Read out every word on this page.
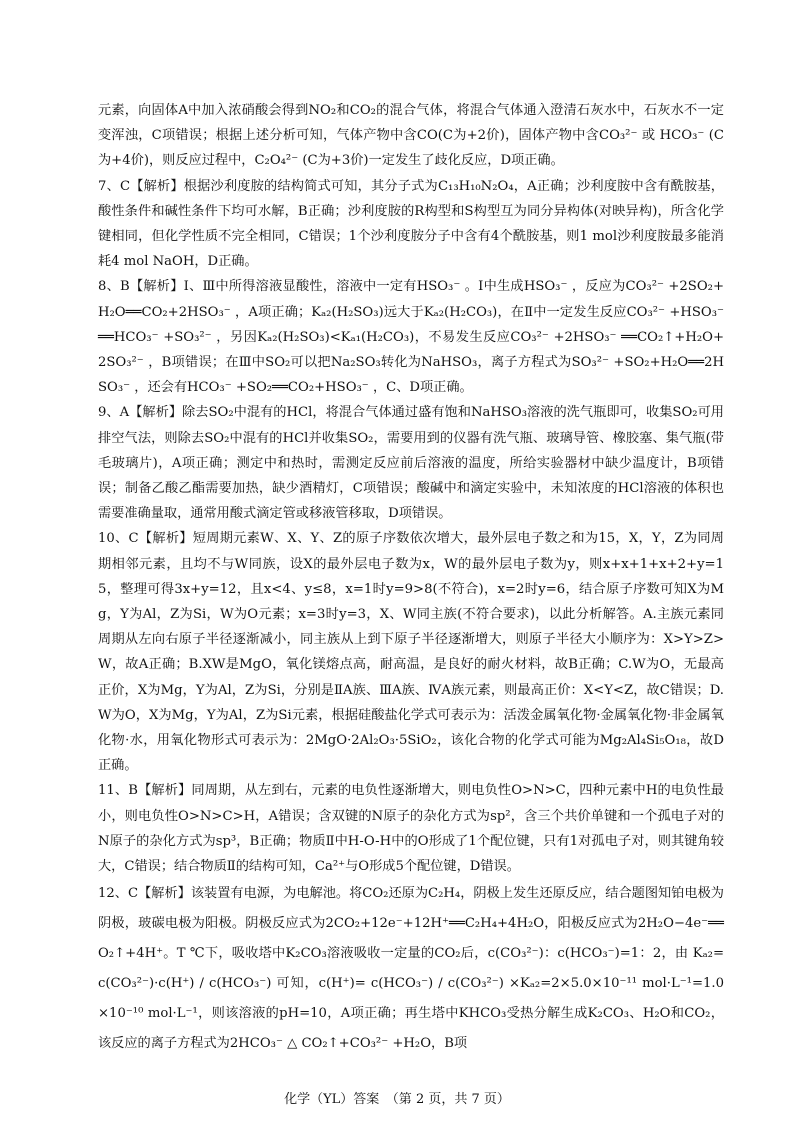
元素，向固体A中加入浓硝酸会得到NO₂和CO₂的混合气体，将混合气体通入澄清石灰水中，石灰水不一定变浑浊，C项错误；根据上述分析可知，气体产物中含CO(C为+2价)，固体产物中含CO₃²⁻ 或 HCO₃⁻ (C为+4价)，则反应过程中，C₂O₄²⁻ (C为+3价)一定发生了歧化反应，D项正确。

7、C【解析】根据沙利度胺的结构简式可知，其分子式为C₁₃H₁₀N₂O₄，A正确；沙利度胺中含有酰胺基，酸性条件和碱性条件下均可水解，B正确；沙利度胺的R构型和S构型互为同分异构体(对映异构)，所含化学键相同，但化学性质不完全相同，C错误；1个沙利度胺分子中含有4个酰胺基，则1 mol沙利度胺最多能消耗4 mol NaOH，D正确。

8、B【解析】Ⅰ、Ⅲ中所得溶液显酸性，溶液中一定有HSO₃⁻ 。Ⅰ中生成HSO₃⁻ ，反应为CO₃²⁻ +2SO₂+H₂O══CO₂+2HSO₃⁻ ，A项正确；Kₐ₂(H₂SO₃)远大于Kₐ₂(H₂CO₃)，在Ⅱ中一定发生反应CO₃²⁻ +HSO₃⁻ ══HCO₃⁻ +SO₃²⁻ ，另因Kₐ₂(H₂SO₃)<Kₐ₁(H₂CO₃)，不易发生反应CO₃²⁻ +2HSO₃⁻ ══CO₂↑+H₂O+2SO₃²⁻ ，B项错误；在Ⅲ中SO₂可以把Na₂SO₃转化为NaHSO₃，离子方程式为SO₃²⁻ +SO₂+H₂O══2HSO₃⁻ ，还会有HCO₃⁻ +SO₂══CO₂+HSO₃⁻ ，C、D项正确。

9、A【解析】除去SO₂中混有的HCl，将混合气体通过盛有饱和NaHSO₃溶液的洗气瓶即可，收集SO₂可用排空气法，则除去SO₂中混有的HCl并收集SO₂，需要用到的仪器有洗气瓶、玻璃导管、橡胶塞、集气瓶(带毛玻璃片)，A项正确；测定中和热时，需测定反应前后溶液的温度，所给实验器材中缺少温度计，B项错误；制备乙酸乙酯需要加热，缺少酒精灯，C项错误；酸碱中和滴定实验中，未知浓度的HCl溶液的体积也需要准确量取，通常用酸式滴定管或移液管移取，D项错误。

10、C【解析】短周期元素W、X、Y、Z的原子序数依次增大，最外层电子数之和为15，X，Y，Z为同周期相邻元素，且均不与W同族，设X的最外层电子数为x，W的最外层电子数为y，则x+x+1+x+2+y=15，整理可得3x+y=12，且x<4、y≤8，x=1时y=9>8(不符合)，x=2时y=6，结合原子序数可知X为Mg，Y为Al，Z为Si，W为O元素；x=3时y=3，X、W同主族(不符合要求)，以此分析解答。A.主族元素同周期从左向右原子半径逐渐减小，同主族从上到下原子半径逐渐增大，则原子半径大小顺序为：X>Y>Z>W，故A正确；B.XW是MgO，氧化镁熔点高，耐高温，是良好的耐火材料，故B正确；C.W为O，无最高正价，X为Mg，Y为Al，Z为Si，分别是ⅡA族、ⅢA族、ⅣA族元素，则最高正价：X<Y<Z，故C错误；D.W为O，X为Mg，Y为Al，Z为Si元素，根据硅酸盐化学式可表示为：活泼金属氧化物·金属氧化物·非金属氧化物·水，用氧化物形式可表示为：2MgO·2Al₂O₃·5SiO₂，该化合物的化学式可能为Mg₂Al₄Si₅O₁₈，故D正确。

11、B【解析】同周期，从左到右，元素的电负性逐渐增大，则电负性O>N>C，四种元素中H的电负性最小，则电负性O>N>C>H，A错误；含双键的N原子的杂化方式为sp²，含三个共价单键和一个孤电子对的N原子的杂化方式为sp³，B正确；物质Ⅱ中H-O-H中的O形成了1个配位键，只有1对孤电子对，则其键角较大，C错误；结合物质Ⅱ的结构可知，Ca²⁺与O形成5个配位键，D错误。

12、C【解析】该装置有电源，为电解池。将CO₂还原为C₂H₄，阴极上发生还原反应，结合题图知铂电极为阴极，玻碳电极为阳极。阴极反应式为2CO₂+12e⁻+12H⁺══C₂H₄+4H₂O，阳极反应式为2H₂O−4e⁻══O₂↑+4H⁺。T ℃下，吸收塔中K₂CO₃溶液吸收一定量的CO₂后，c(CO₃²⁻)：c(HCO₃⁻)=1：2，由 Kₐ₂= c(CO₃²⁻)·c(H⁺) / c(HCO₃⁻) 可知，c(H⁺)= c(HCO₃⁻) / c(CO₃²⁻) ×Kₐ₂=2×5.0×10⁻¹¹ mol·L⁻¹=1.0×10⁻¹⁰ mol·L⁻¹，则该溶液的pH=10，A项正确；再生塔中KHCO₃受热分解生成K₂CO₃、H₂O和CO₂，该反应的离子方程式为2HCO₃⁻ △ CO₂↑+CO₃²⁻ +H₂O，B项

化学（YL）答案　（第 2 页，共 7 页）
